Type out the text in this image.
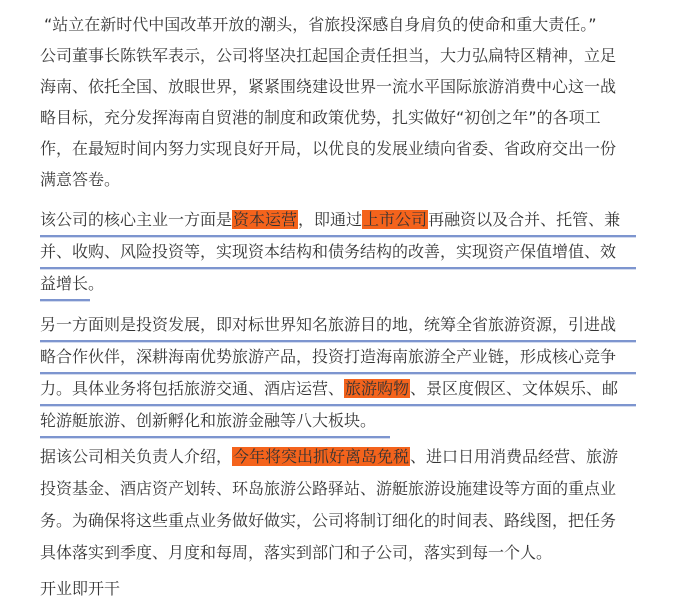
“站立在新时代中国改革开放的潮头，省旅投深感自身肩负的使命和重大责任。”
公司董事长陈铁军表示，公司将坚决扛起国企责任担当，大力弘扁特区精神，立足
海南、依托全国、放眼世界，紧紧围绕建设世界一流水平国际旅游消费中心这一战
略目标，充分发挥海南自贸港的制度和政策优势，扎实做好“初创之年”的各项工
作，在最短时间内努力实现良好开局，以优良的发展业绩向省委、省政府交出一份
满意答卷。
该公司的核心主业一方面是资本运营，即通过上市公司再融资以及合并、托管、兼
并、收购、风险投资等，实现资本结构和债务结构的改善，实现资产保值增值、效
益增长。
另一方面则是投资发展，即对标世界知名旅游目的地，统筹全省旅游资源，引进战
略合作伙伴，深耕海南优势旅游产品，投资打造海南旅游全产业链，形成核心竞争
力。具体业务将包括旅游交通、酒店运营、旅游购物、景区度假区、文体娱乐、邮
轮游艇旅游、创新孵化和旅游金融等八大板块。
据该公司相关负责人介绍，今年将突出抓好离岛免税、进口日用消费品经营、旅游
投资基金、酒店资产划转、环岛旅游公路驿站、游艇旅游设施建设等方面的重点业
务。为确保将这些重点业务做好做实，公司将制订细化的时间表、路线图，把任务
具体落实到季度、月度和每周，落实到部门和子公司，落实到每一个人。
开业即开干
